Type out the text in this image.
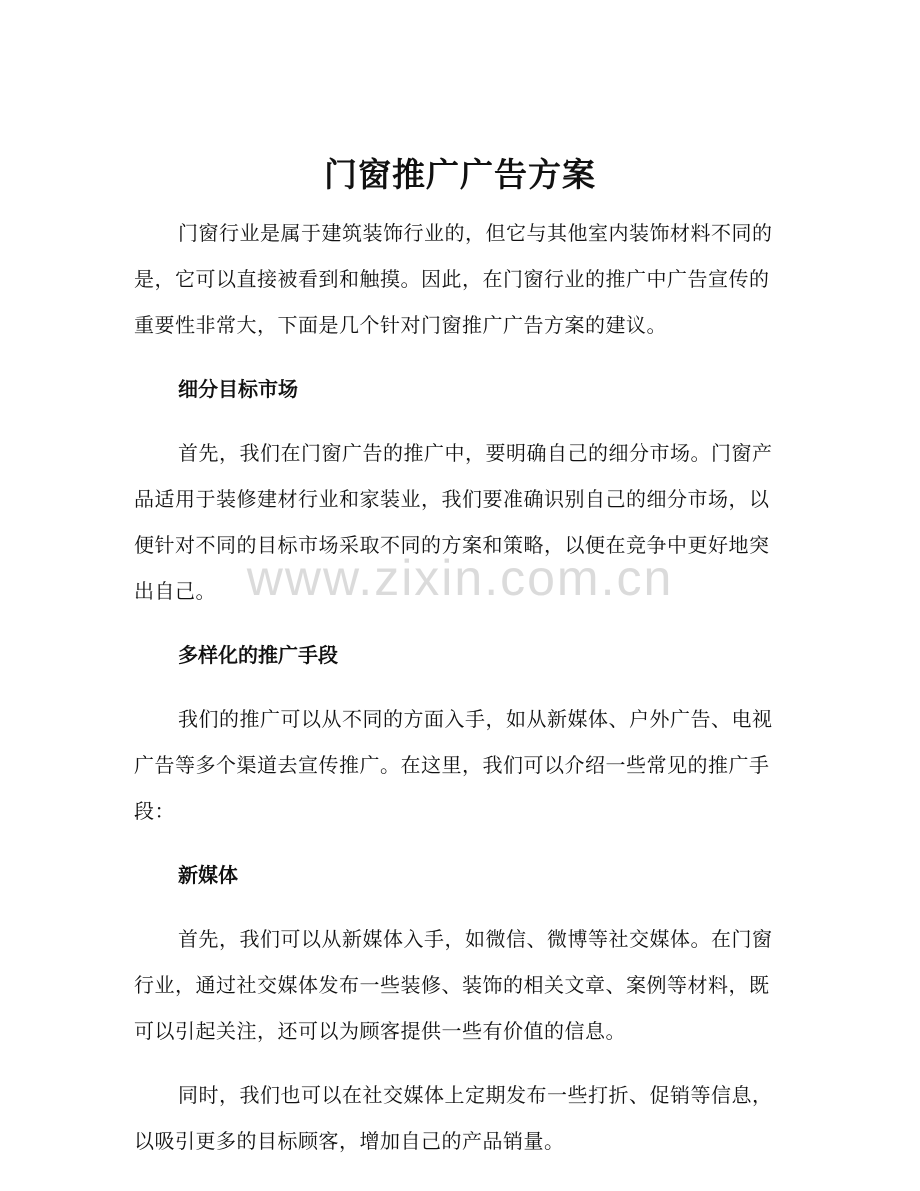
门窗推广广告方案

门窗行业是属于建筑装饰行业的，但它与其他室内装饰材料不同的是，它可以直接被看到和触摸。因此，在门窗行业的推广中广告宣传的重要性非常大，下面是几个针对门窗推广广告方案的建议。

细分目标市场

首先，我们在门窗广告的推广中，要明确自己的细分市场。门窗产品适用于装修建材行业和家装业，我们要准确识别自己的细分市场，以便针对不同的目标市场采取不同的方案和策略，以便在竞争中更好地突出自己。

多样化的推广手段

我们的推广可以从不同的方面入手，如从新媒体、户外广告、电视广告等多个渠道去宣传推广。在这里，我们可以介绍一些常见的推广手段：

新媒体

首先，我们可以从新媒体入手，如微信、微博等社交媒体。在门窗行业，通过社交媒体发布一些装修、装饰的相关文章、案例等材料，既可以引起关注，还可以为顾客提供一些有价值的信息。

同时，我们也可以在社交媒体上定期发布一些打折、促销等信息，以吸引更多的目标顾客，增加自己的产品销量。

www.zixin.com.cn
